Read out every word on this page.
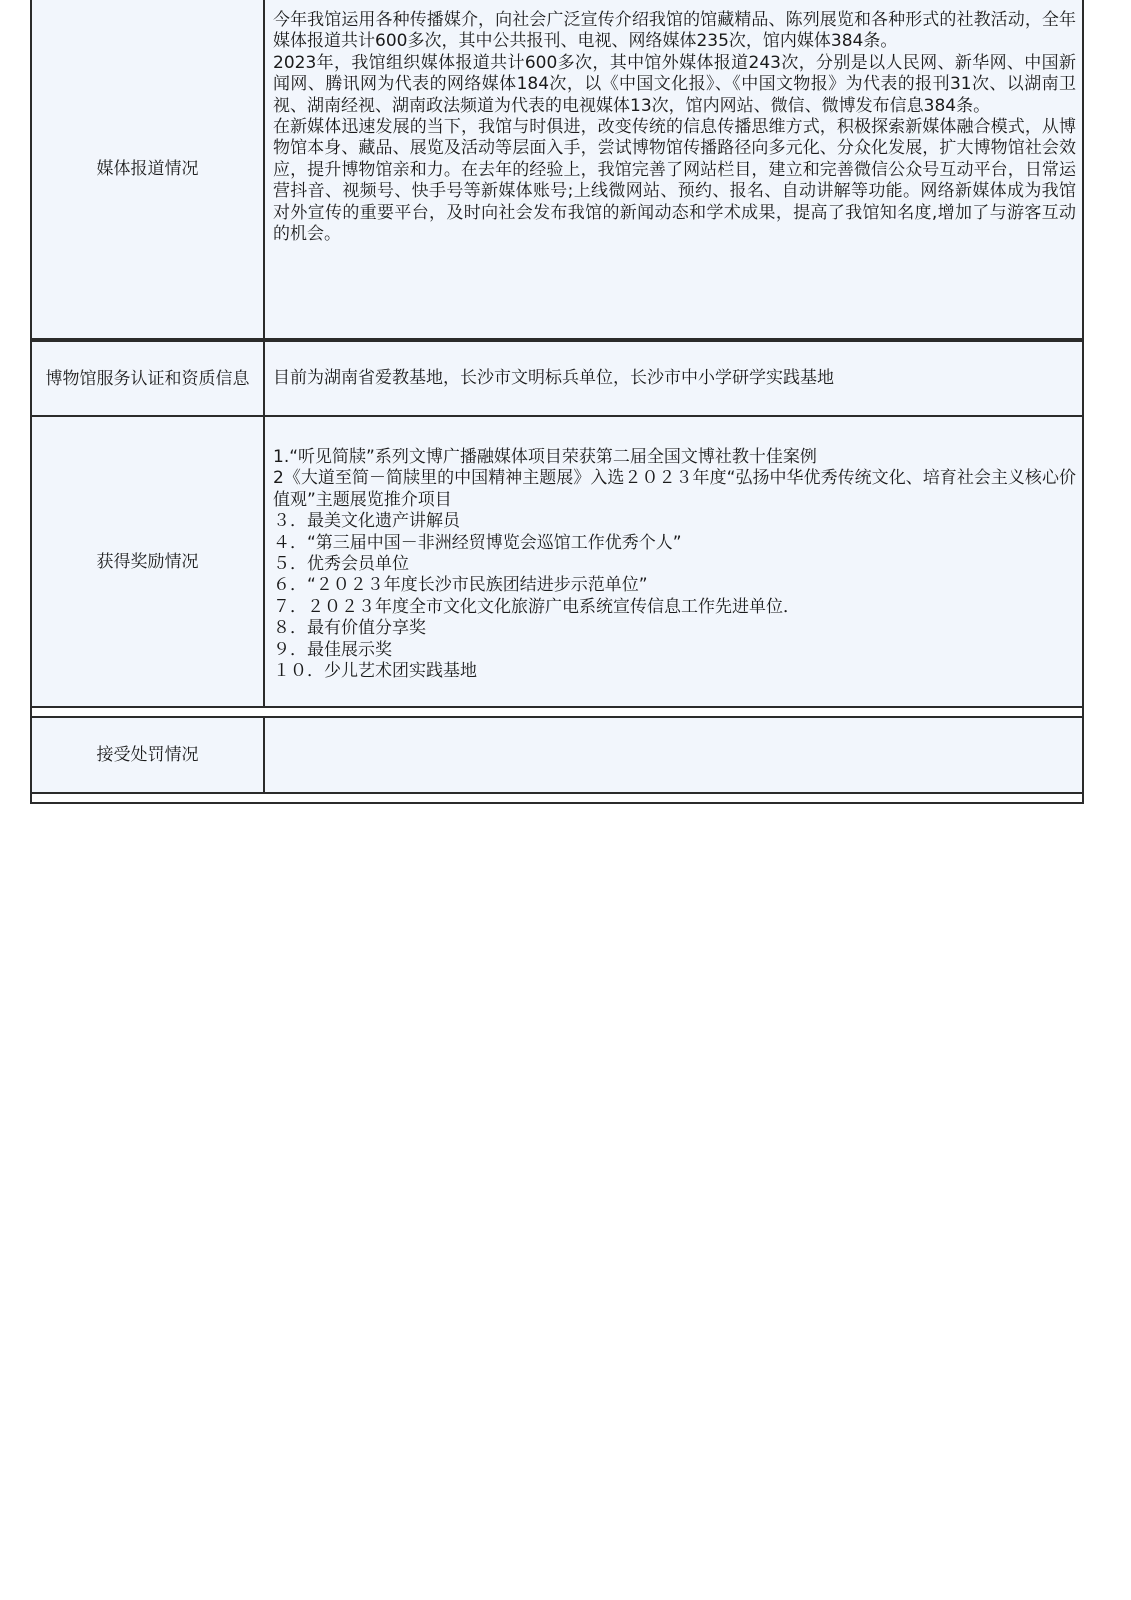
媒体报道情况

今年我馆运用各种传播媒介，向社会广泛宣传介绍我馆的馆藏精品、陈列展览和各种形式的社教活动，全年媒体报道共计600多次，其中公共报刊、电视、网络媒体235次，馆内媒体384条。

2023年，我馆组织媒体报道共计600多次，其中馆外媒体报道243次，分别是以人民网、新华网、中国新闻网、腾讯网为代表的网络媒体184次，以《中国文化报》、《中国文物报》为代表的报刊31次、以湖南卫视、湖南经视、湖南政法频道为代表的电视媒体13次，馆内网站、微信、微博发布信息384条。

在新媒体迅速发展的当下，我馆与时俱进，改变传统的信息传播思维方式，积极探索新媒体融合模式，从博物馆本身、藏品、展览及活动等层面入手，尝试博物馆传播路径向多元化、分众化发展，扩大博物馆社会效应，提升博物馆亲和力。在去年的经验上，我馆完善了网站栏目，建立和完善微信公众号互动平台，日常运营抖音、视频号、快手号等新媒体账号;上线微网站、预约、报名、自动讲解等功能。网络新媒体成为我馆对外宣传的重要平台，及时向社会发布我馆的新闻动态和学术成果，提高了我馆知名度,增加了与游客互动的机会。

博物馆服务认证和资质信息	目前为湖南省爱教基地，长沙市文明标兵单位，长沙市中小学研学实践基地
获得奖励情况

1.“听见简牍”系列文博广播融媒体项目荣获第二届全国文博社教十佳案例

2《大道至简－简牍里的中国精神主题展》入选２０２３年度“弘扬中华优秀传统文化、培育社会主义核心价值观”主题展览推介项目

３．最美文化遗产讲解员

４．“第三届中国－非洲经贸博览会巡馆工作优秀个人”

５．优秀会员单位

６．“２０２３年度长沙市民族团结进步示范单位”

７．２０２３年度全市文化文化旅游广电系统宣传信息工作先进单位．

８．最有价值分享奖

９．最佳展示奖

１０．少儿艺术团实践基地

接受处罚情况
